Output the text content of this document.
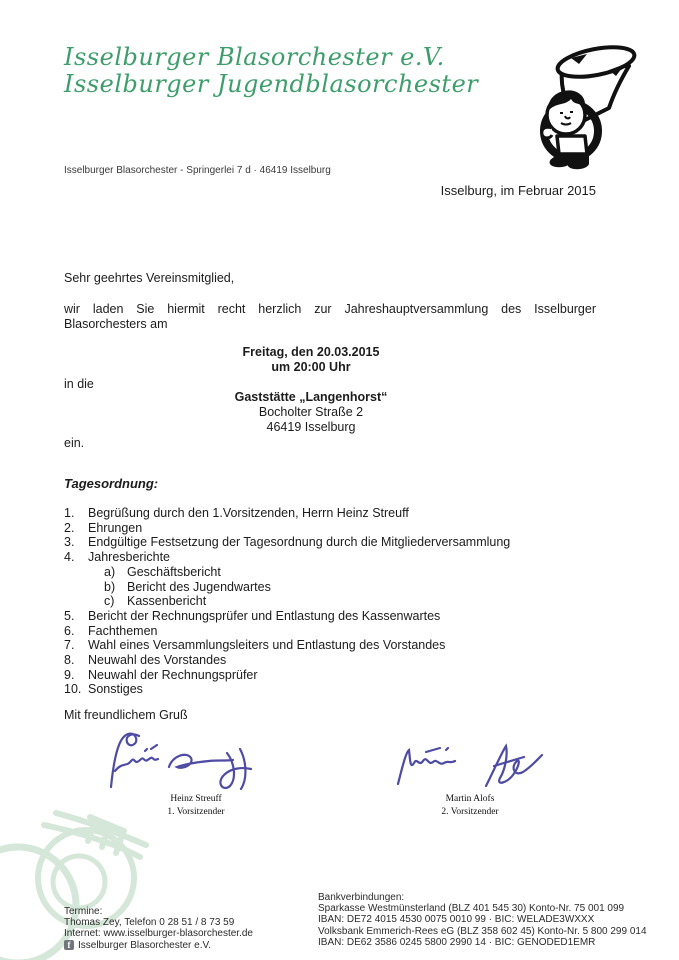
Isselburger Blasorchester e.V.
Isselburger Jugendblasorchester
Isselburger Blasorchester - Springerlei 7 d · 46419 Isselburg
Isselburg, im Februar 2015
Sehr geehrtes Vereinsmitglied,
wir laden Sie hiermit recht herzlich zur Jahreshauptversammlung des Isselburger
Blasorchesters am
Freitag, den 20.03.2015
um 20:00 Uhr
in die
Gaststätte „Langenhorst“
Bocholter Straße 2
46419 Isselburg
ein.
Tagesordnung:
1.	Begrüßung durch den 1.Vorsitzenden, Herrn Heinz Streuff
2.	Ehrungen
3.	Endgültige Festsetzung der Tagesordnung durch die Mitgliederversammlung
4.	Jahresberichte
a) Geschäftsbericht
b) Bericht des Jugendwartes
c)	Kassenbericht
5.	Bericht der Rechnungsprüfer und Entlastung des Kassenwartes
6.	Fachthemen
7.	Wahl eines Versammlungsleiters und Entlastung des Vorstandes
8.	Neuwahl des Vorstandes
9.	Neuwahl der Rechnungsprüfer
10. Sonstiges
Mit freundlichem Gruß
Heinz Streuff
1. Vorsitzender
Martin Alofs
2. Vorsitzender
Termine:
Thomas Zey, Telefon 0 28 51 / 8 73 59
Internet: www.isselburger-blasorchester.de
f Isselburger Blasorchester e.V.
Bankverbindungen:
Sparkasse Westmünsterland (BLZ 401 545 30) Konto-Nr. 75 001 099
IBAN: DE72 4015 4530 0075 0010 99 · BIC: WELADE3WXXX
Volksbank Emmerich-Rees eG (BLZ 358 602 45) Konto-Nr. 5 800 299 014
IBAN: DE62 3586 0245 5800 2990 14 · BIC: GENODED1EMR
